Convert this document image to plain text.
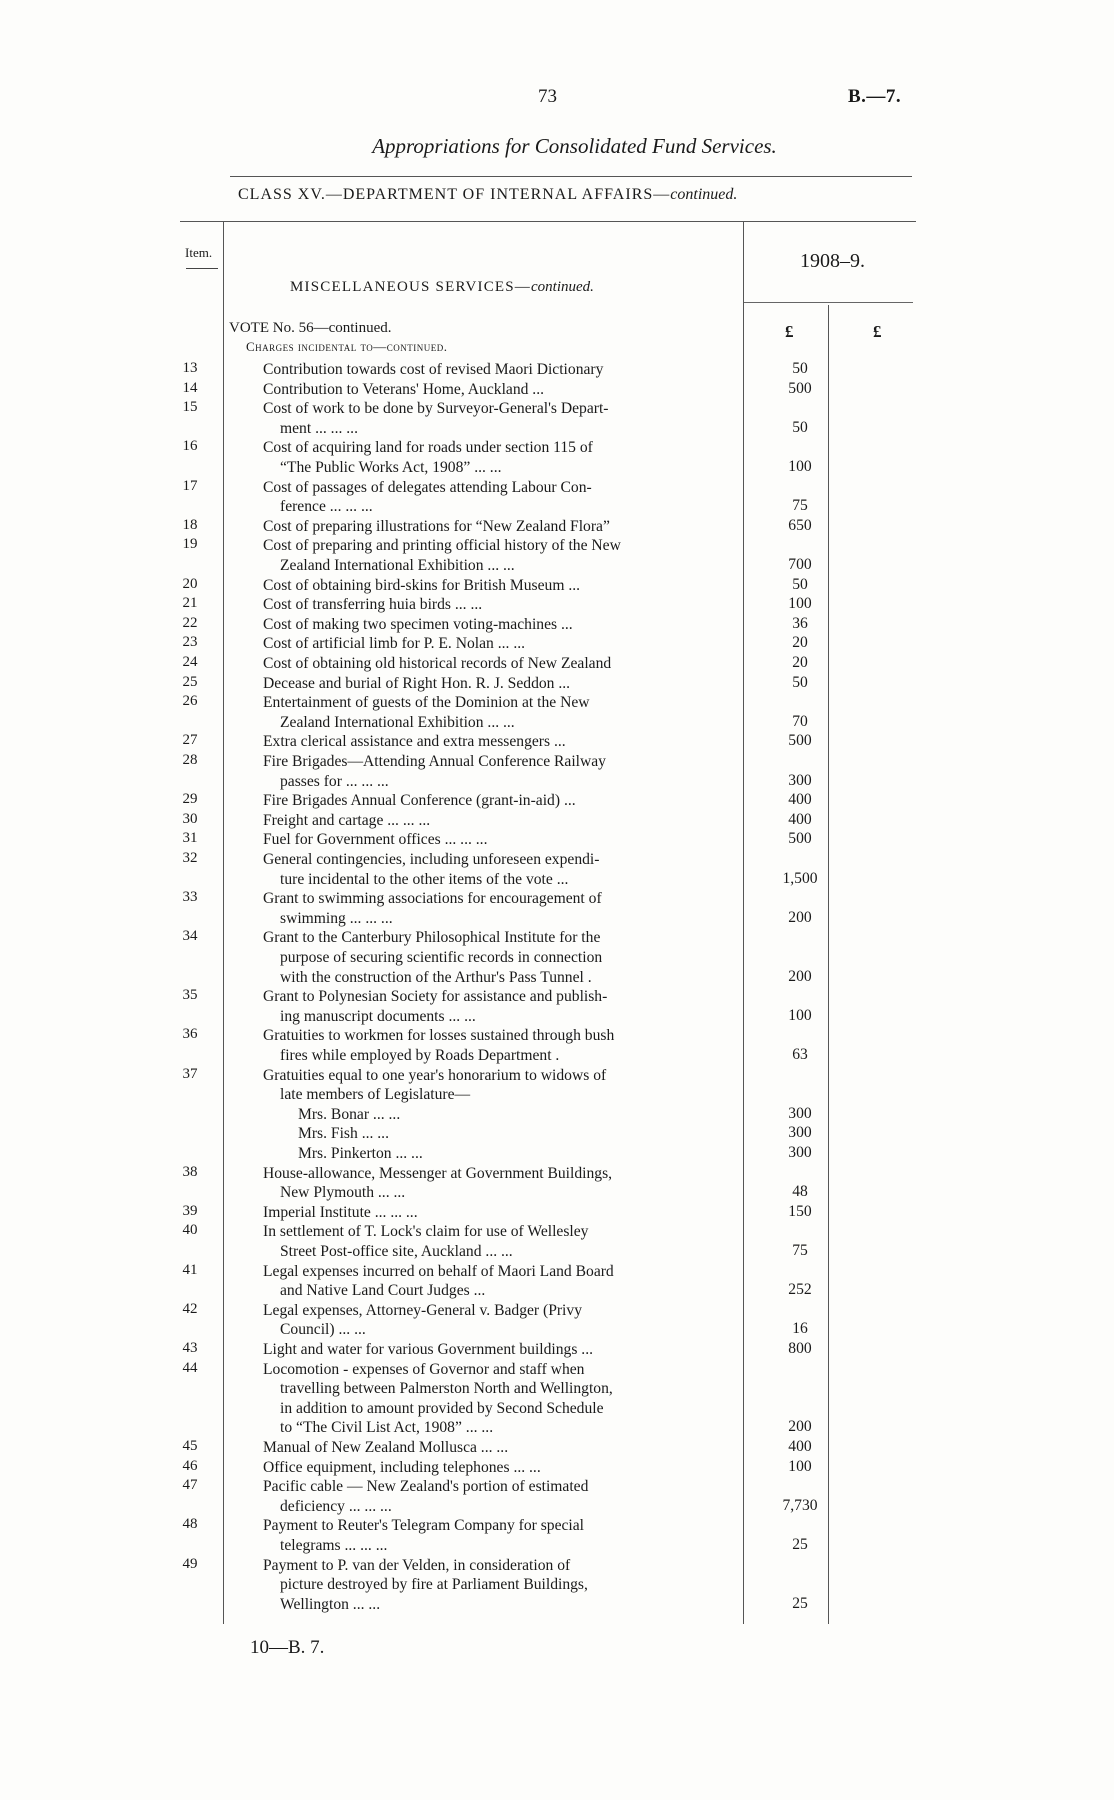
73	B.—7.
Appropriations for Consolidated Fund Services.
CLASS XV.—DEPARTMENT OF INTERNAL AFFAIRS—continued.
Item.	1908–9.
MISCELLANEOUS SERVICES—continued.
VOTE No. 56—continued.
Charges incidental to—continued.
£	£
13	Contribution towards cost of revised Maori Dictionary	50
14	Contribution to Veterans' Home, Auckland ...	500
15	Cost of work to be done by Surveyor-General's Depart-
ment ... ... ...	50
16	Cost of acquiring land for roads under section 115 of
“The Public Works Act, 1908” ... ...	100
17	Cost of passages of delegates attending Labour Con-
ference ... ... ...	75
18	Cost of preparing illustrations for “New Zealand Flora”	650
19	Cost of preparing and printing official history of the New
Zealand International Exhibition ... ...	700
20	Cost of obtaining bird-skins for British Museum ...	50
21	Cost of transferring huia birds ... ...	100
22	Cost of making two specimen voting-machines ...	36
23	Cost of artificial limb for P. E. Nolan ... ...	20
24	Cost of obtaining old historical records of New Zealand	20
25	Decease and burial of Right Hon. R. J. Seddon ...	50
26	Entertainment of guests of the Dominion at the New
Zealand International Exhibition ... ...	70
27	Extra clerical assistance and extra messengers ...	500
28	Fire Brigades—Attending Annual Conference Railway
passes for ... ... ...	300
29	Fire Brigades Annual Conference (grant-in-aid) ...	400
30	Freight and cartage ... ... ...	400
31	Fuel for Government offices ... ... ...	500
32	General contingencies, including unforeseen expendi-
ture incidental to the other items of the vote ...	1,500
33	Grant to swimming associations for encouragement of
swimming ... ... ...	200
34	Grant to the Canterbury Philosophical Institute for the
purpose of securing scientific records in connection
with the construction of the Arthur's Pass Tunnel .	200
35	Grant to Polynesian Society for assistance and publish-
ing manuscript documents ... ...	100
36	Gratuities to workmen for losses sustained through bush
fires while employed by Roads Department .	63
37	Gratuities equal to one year's honorarium to widows of
late members of Legislature—
Mrs. Bonar ... ...	300
Mrs. Fish ... ...	300
Mrs. Pinkerton ... ...	300
38	House-allowance, Messenger at Government Buildings,
New Plymouth ... ...	48
39	Imperial Institute ... ... ...	150
40	In settlement of T. Lock's claim for use of Wellesley
Street Post-office site, Auckland ... ...	75
41	Legal expenses incurred on behalf of Maori Land Board
and Native Land Court Judges ...	252
42	Legal expenses, Attorney-General v. Badger (Privy
Council) ... ...	16
43	Light and water for various Government buildings ...	800
44	Locomotion - expenses of Governor and staff when
travelling between Palmerston North and Wellington,
in addition to amount provided by Second Schedule
to “The Civil List Act, 1908” ... ...	200
45	Manual of New Zealand Mollusca ... ...	400
46	Office equipment, including telephones ... ...	100
47	Pacific cable — New Zealand's portion of estimated
deficiency ... ... ...	7,730
48	Payment to Reuter's Telegram Company for special
telegrams ... ... ...	25
49	Payment to P. van der Velden, in consideration of
picture destroyed by fire at Parliament Buildings,
Wellington ... ...	25
10—B. 7.
